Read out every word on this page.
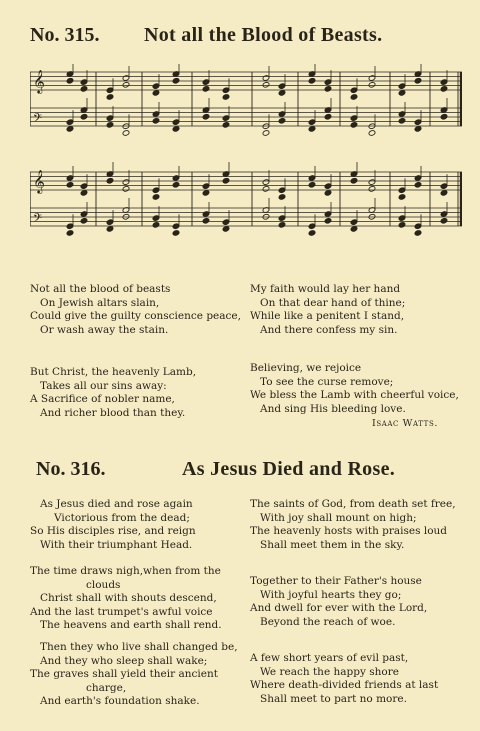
No. 315. Not all the Blood of Beasts.
𝄞
𝄢
𝄞
𝄢
Not all the blood of beasts
On Jewish altars slain,
Could give the guilty conscience peace,
Or wash away the stain.
But Christ, the heavenly Lamb,
Takes all our sins away:
A Sacrifice of nobler name,
And richer blood than they.
My faith would lay her hand
On that dear hand of thine;
While like a penitent I stand,
And there confess my sin.
Believing, we rejoice
To see the curse remove;
We bless the Lamb with cheerful voice,
And sing His bleeding love.
Isaac Watts.
No. 316.	As Jesus Died and Rose.
As Jesus died and rose again
Victorious from the dead;
So His disciples rise, and reign
With their triumphant Head.
The time draws nigh,when from the
clouds
Christ shall with shouts descend,
And the last trumpet's awful voice
The heavens and earth shall rend.
Then they who live shall changed be,
And they who sleep shall wake;
The graves shall yield their ancient
charge,
And earth's foundation shake.
The saints of God, from death set free,
With joy shall mount on high;
The heavenly hosts with praises loud
Shall meet them in the sky.
Together to their Father's house
With joyful hearts they go;
And dwell for ever with the Lord,
Beyond the reach of woe.
A few short years of evil past,
We reach the happy shore
Where death-divided friends at last
Shall meet to part no more.
